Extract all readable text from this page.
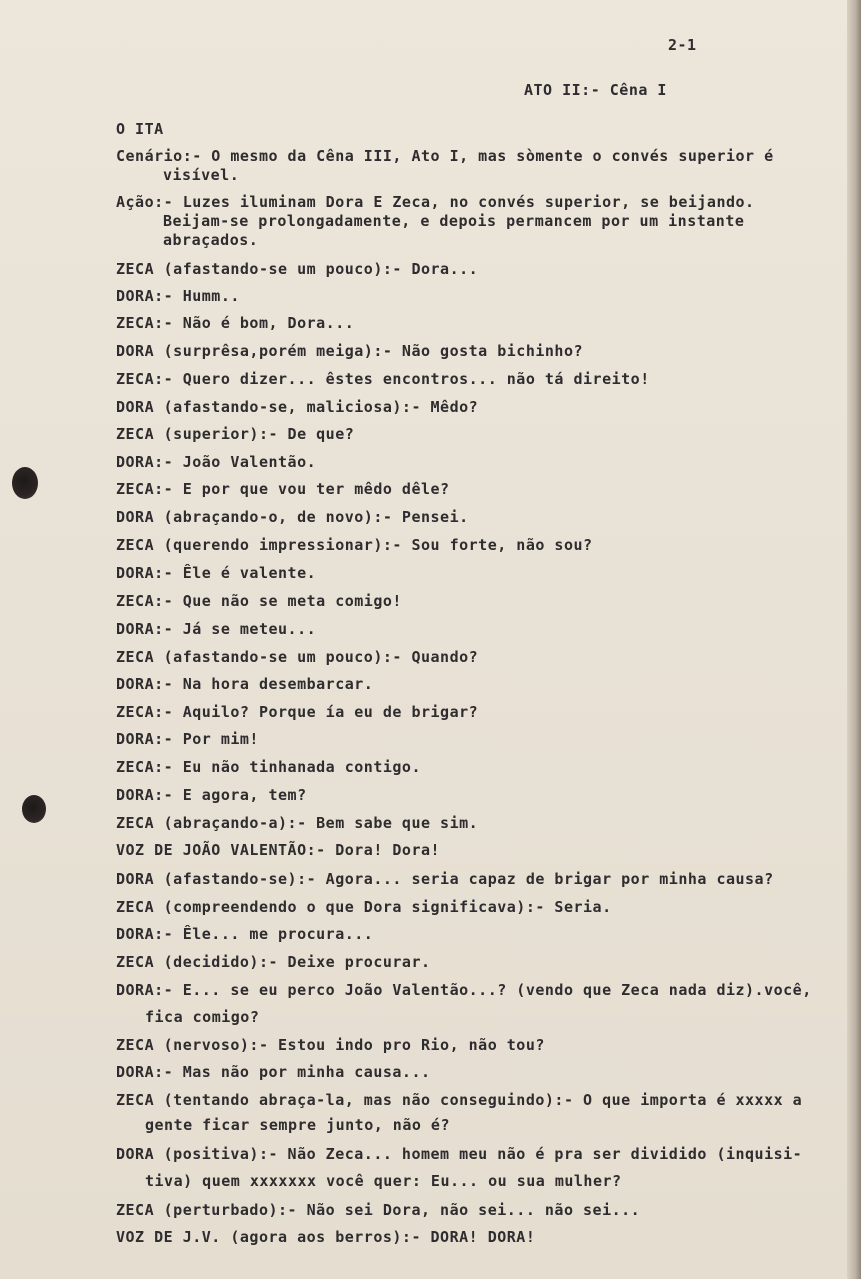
2-1
ATO II:- Cêna I
O ITA
Cenário:- O mesmo da Cêna III, Ato I, mas sòmente o convés superior é
visível.
Ação:- Luzes iluminam Dora E Zeca, no convés superior, se beijando.
Beijam-se prolongadamente, e depois permancem por um instante
abraçados.
ZECA (afastando-se um pouco):- Dora...
DORA:- Humm..
ZECA:- Não é bom, Dora...
DORA (surprêsa,porém meiga):- Não gosta bichinho?
ZECA:- Quero dizer... êstes encontros... não tá direito!
DORA (afastando-se, maliciosa):- Mêdo?
ZECA (superior):- De que?
DORA:- João Valentão.
ZECA:- E por que vou ter mêdo dêle?
DORA (abraçando-o, de novo):- Pensei.
ZECA (querendo impressionar):- Sou forte, não sou?
DORA:- Êle é valente.
ZECA:- Que não se meta comigo!
DORA:- Já se meteu...
ZECA (afastando-se um pouco):- Quando?
DORA:- Na hora desembarcar.
ZECA:- Aquilo? Porque ía eu de brigar?
DORA:- Por mim!
ZECA:- Eu não tinhanada contigo.
DORA:- E agora, tem?
ZECA (abraçando-a):- Bem sabe que sim.
VOZ DE JOÃO VALENTÃO:- Dora! Dora!
DORA (afastando-se):- Agora... seria capaz de brigar por minha causa?
ZECA (compreendendo o que Dora significava):- Seria.
DORA:- Êle... me procura...
ZECA (decidido):- Deixe procurar.
DORA:- E... se eu perco João Valentão...? (vendo que Zeca nada diz).você,
fica comigo?
ZECA (nervoso):- Estou indo pro Rio, não tou?
DORA:- Mas não por minha causa...
ZECA (tentando abraça-la, mas não conseguindo):- O que importa é xxxxx a
gente ficar sempre junto, não é?
DORA (positiva):- Não Zeca... homem meu não é pra ser dividido (inquisi-
tiva) quem xxxxxxx você quer: Eu... ou sua mulher?
ZECA (perturbado):- Não sei Dora, não sei... não sei...
VOZ DE J.V. (agora aos berros):- DORA! DORA!
